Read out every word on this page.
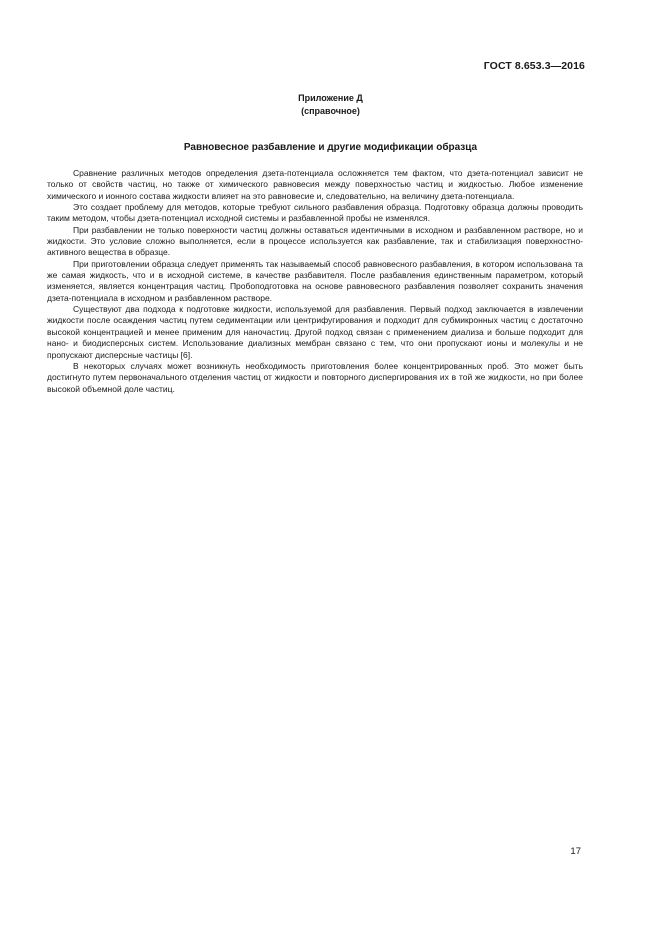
ГОСТ 8.653.3—2016
Приложение Д
(справочное)
Равновесное разбавление и другие модификации образца

Сравнение различных методов определения дзета-потенциала осложняется тем фактом, что дзета-потенциал зависит не только от свойств частиц, но также от химического равновесия между поверхностью частиц и жидкостью. Любое изменение химического и ионного состава жидкости влияет на это равновесие и, следовательно, на величину дзета-потенциала.

Это создает проблему для методов, которые требуют сильного разбавления образца. Подготовку образца должны проводить таким методом, чтобы дзета-потенциал исходной системы и разбавленной пробы не изменялся.

При разбавлении не только поверхности частиц должны оставаться идентичными в исходном и разбавленном растворе, но и жидкости. Это условие сложно выполняется, если в процессе используется как разбавление, так и стабилизация поверхностно-активного вещества в образце.

При приготовлении образца следует применять так называемый способ равновесного разбавления, в котором использована та же самая жидкость, что и в исходной системе, в качестве разбавителя. После разбавления единственным параметром, который изменяется, является концентрация частиц. Пробоподготовка на основе равновесного разбавления позволяет сохранить значения дзета-потенциала в исходном и разбавленном растворе.

Существуют два подхода к подготовке жидкости, используемой для разбавления. Первый подход заключается в извлечении жидкости после осаждения частиц путем седиментации или центрифугирования и подходит для субмикронных частиц с достаточно высокой концентрацией и менее применим для наночастиц. Другой подход связан с применением диализа и больше подходит для нано- и биодисперсных систем. Использование диализных мембран связано с тем, что они пропускают ионы и молекулы и не пропускают дисперсные частицы [6].

В некоторых случаях может возникнуть необходимость приготовления более концентрированных проб. Это может быть достигнуто путем первоначального отделения частиц от жидкости и повторного диспергирования их в той же жидкости, но при более высокой объемной доле частиц.

17
